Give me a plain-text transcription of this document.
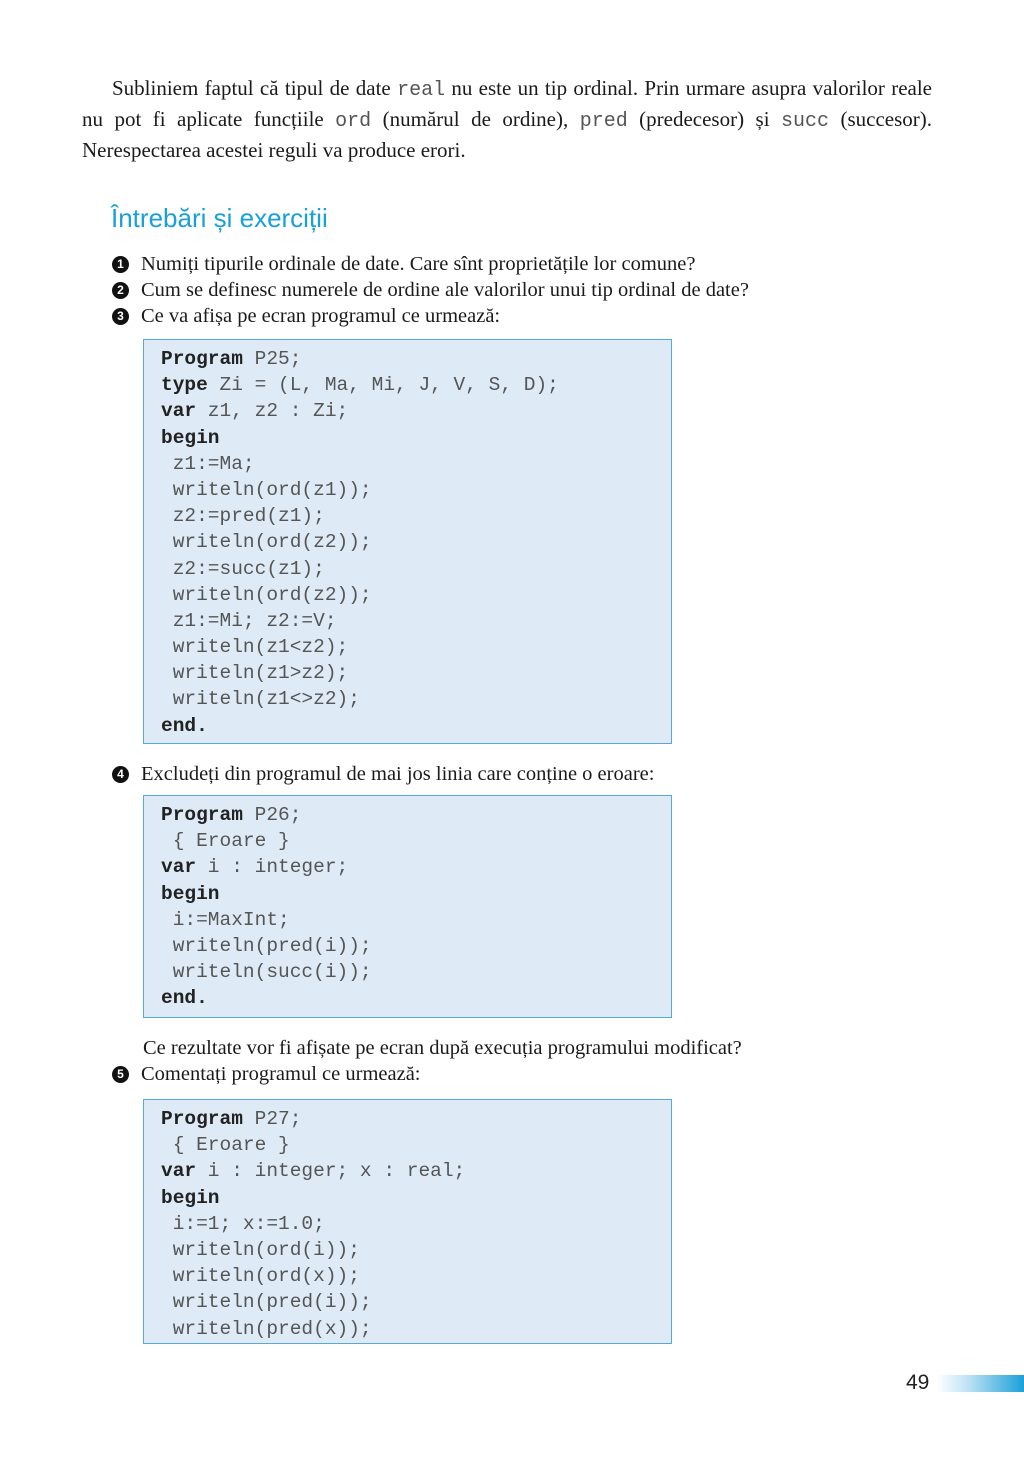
Subliniem faptul că tipul de date real nu este un tip ordinal. Prin urmare asupra valorilor reale nu pot fi aplicate funcțiile ord (numărul de ordine), pred (predecesor) și succ (succesor). Nerespectarea acestei reguli va produce erori.
Întrebări și exerciții
1 Numiți tipurile ordinale de date. Care sînt proprietățile lor comune?
2 Cum se definesc numerele de ordine ale valorilor unui tip ordinal de date?
3 Ce va afișa pe ecran programul ce urmează:
Program P25;
type Zi = (L, Ma, Mi, J, V, S, D);
var z1, z2 : Zi;
begin
z1:=Ma;
writeln(ord(z1));
z2:=pred(z1);
writeln(ord(z2));
z2:=succ(z1);
writeln(ord(z2));
z1:=Mi; z2:=V;
writeln(z1<z2);
writeln(z1>z2);
writeln(z1<>z2);
end.
4 Excludeți din programul de mai jos linia care conține o eroare:
Program P26;
{ Eroare }
var i : integer;
begin
i:=MaxInt;
writeln(pred(i));
writeln(succ(i));
end.
Ce rezultate vor fi afișate pe ecran după execuția programului modificat?
5 Comentați programul ce urmează:
Program P27;
{ Eroare }
var i : integer; x : real;
begin
i:=1; x:=1.0;
writeln(ord(i));
writeln(ord(x));
writeln(pred(i));
writeln(pred(x));
49
